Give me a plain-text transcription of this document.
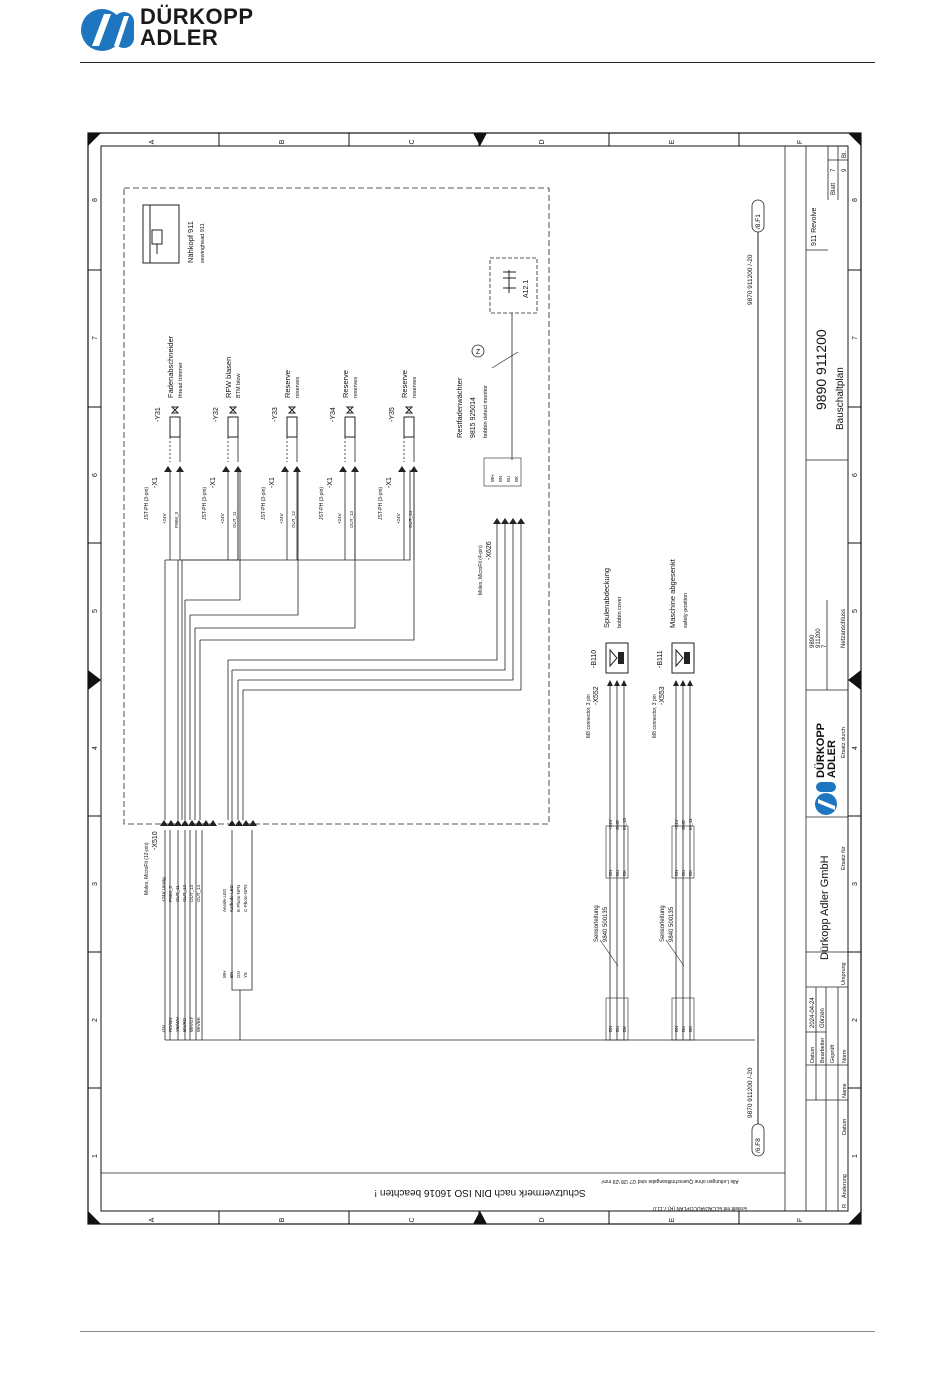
DÜRKOPP
ADLER
A	B	C	D	E	F
A	B	C	D	E	F
8
7
6
5
4
3
2
1
8
7
6
5
4
3
2
1
Nähkopf 911 sewinghead 911
A12.1
-Y31
Fadenabschneider thread trimmer
JST-PH (3-pin)
-X1
+24V PWM_3
-Y32
RFW blasen BTM blow
JST-PH (3-pin)
-X1
+24V OUT_11
-Y33
Reserve reserves
JST-PH (3-pin)
-X1
+24V OUT_12
-Y34
Reserve reserves
JST-PH (3-pin)
-X1
+24V OUT_13
-Y35
Reserve reserves
JST-PH (3-pin)
-X1
+24V OUT_14
Restfadenwächter 9815 925014 bobbin detect monitor
Z
WH BN BU BK
Molex, MicroFit (4-pin) -X626
Molex, MicroFit (12-pin)
-X510
+24V Umsig PWM_3 OUT_11 OUT_12 OUT_13 OUT_14	Anode-LED Kathode-LED E-Photo-NPN C-Photo-NPN
GN RD/GN YE/WH BN/RD WH/GY WH/BK
WH BN GN YE
+24V
BN
BN
GND
BU
BU
IN_10
BK
BK
-B110
Spulenabdeckung bobbin cover
M8 connector, 3 pin -X552
Sensorleitung 9840 500135
+24V
BN
BN
GND
BU
BU
IN_11
BK
BK
-B111
Maschine abgesenkt safety position
M8 connector, 3 pin -X553
Sensorleitung 9840 500135
/8.F1
9870 911200 /-20
/6.F8
9870 911200 /-20
Schutzvermerk nach DIN ISO 16016 beachten !
Alle Leitungen ohne Querschnittsangabe sind \27 \28 \29 mm²
Erstellt mit ELCAD/AUCOPLAN (R) 7.11.0
911 Revolve
Blatt
7 9
Bl.
9890 911200 Bauschaltplan
9890 911200 7 Netzanschluss
Ersatz durch
Ersatz für
Ursprung
Dürkopp Adler GmbH
2024-04-24 Görzen
Datum Bearbeiter Geprüft Norm
Name
Datum
R
Änderung
DÜRKOPP ADLER
